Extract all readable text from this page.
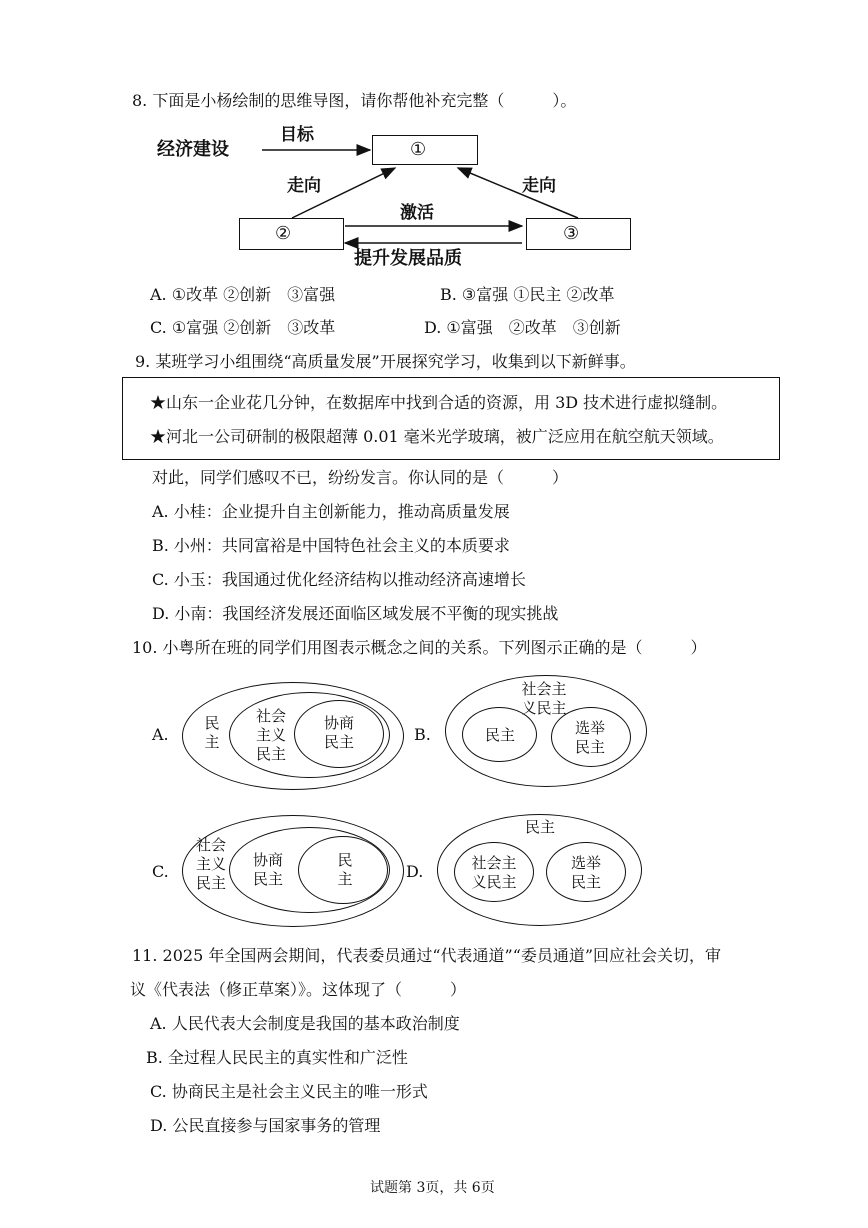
8. 下面是小杨绘制的思维导图，请你帮他补充完整（　　　）。
经济建设
目标
①
走向	走向
②	③
激活
提升发展品质
A. ①改革 ②创新　③富强	B. ③富强 ①民主 ②改革
C. ①富强 ②创新　③改革	D. ①富强　②改革　③创新
9. 某班学习小组围绕“高质量发展”开展探究学习，收集到以下新鲜事。
★山东一企业花几分钟，在数据库中找到合适的资源，用 3D 技术进行虚拟缝制。
★河北一公司研制的极限超薄 0.01 毫米光学玻璃，被广泛应用在航空航天领域。
对此，同学们感叹不已，纷纷发言。你认同的是（　　　）
A. 小桂：企业提升自主创新能力，推动高质量发展
B. 小州：共同富裕是中国特色社会主义的本质要求
C. 小玉：我国通过优化经济结构以推动经济高速增长
D. 小南：我国经济发展还面临区域发展不平衡的现实挑战
10. 小粤所在班的同学们用图表示概念之间的关系。下列图示正确的是（　　　）
A.
民
主
社会
主义
民主
协商
民主	B.
社会主
义民主
民主	选举
民主
C.
社会
主义
民主
协商
民主
民
主	D.
民主
社会主
义民主
选举
民主
11. 2025 年全国两会期间，代表委员通过“代表通道”“委员通道”回应社会关切，审
议《代表法（修正草案）》。这体现了（　　　）
A. 人民代表大会制度是我国的基本政治制度
B. 全过程人民民主的真实性和广泛性
C. 协商民主是社会主义民主的唯一形式
D. 公民直接参与国家事务的管理
试题第 3页，共 6页
